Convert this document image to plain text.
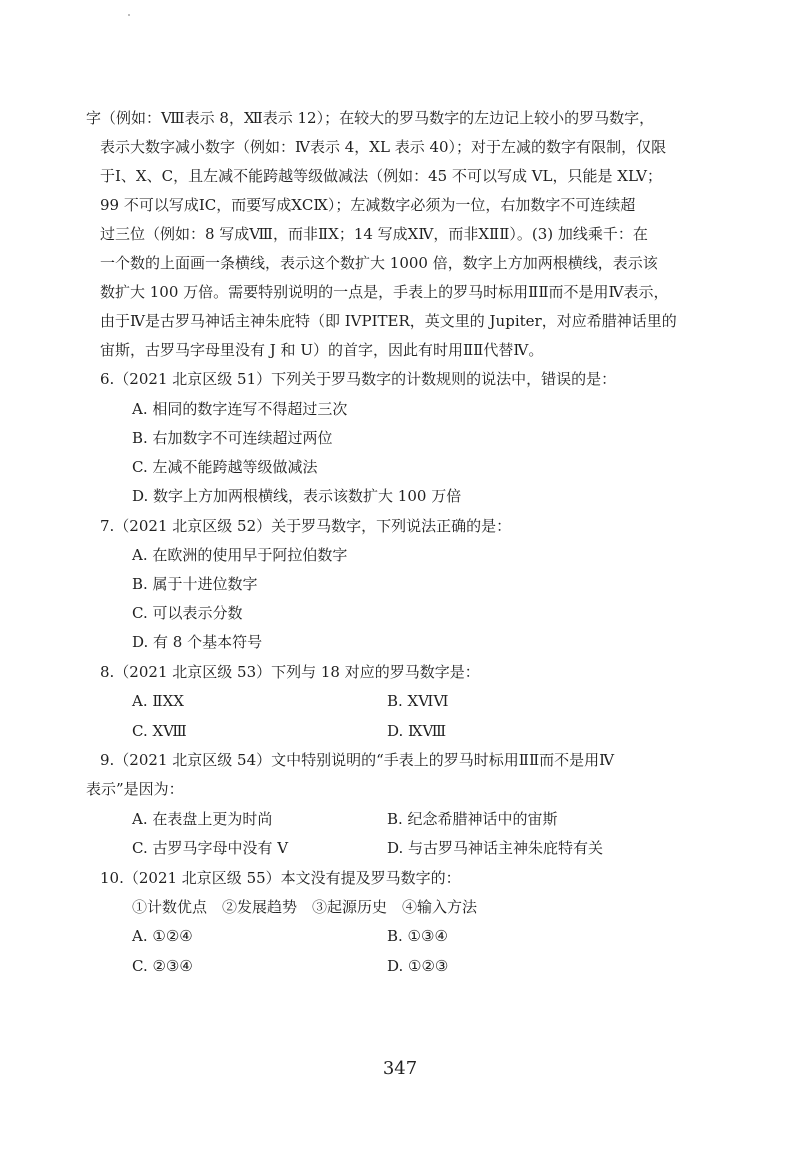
字（例如：Ⅷ表示 8，Ⅻ表示 12）；在较大的罗马数字的左边记上较小的罗马数字，
表示大数字减小数字（例如：Ⅳ表示 4，XL 表示 40）；对于左减的数字有限制，仅限
于Ⅰ、X、C，且左减不能跨越等级做减法（例如：45 不可以写成 VL，只能是 XLV；
99 不可以写成ⅠC，而要写成ⅩCⅨ）；左减数字必须为一位，右加数字不可连续超
过三位（例如：8 写成Ⅷ，而非ⅡX；14 写成ⅩⅣ，而非ⅩⅡⅡ）。(3) 加线乘千：在
一个数的上面画一条横线，表示这个数扩大 1000 倍，数字上方加两根横线，表示该
数扩大 100 万倍。需要特别说明的一点是，手表上的罗马时标用ⅡⅡ而不是用Ⅳ表示，
由于Ⅳ是古罗马神话主神朱庇特（即 IVPITER，英文里的 Jupiter，对应希腊神话里的
宙斯，古罗马字母里没有 J 和 U）的首字，因此有时用ⅡⅡ代替Ⅳ。
6.（2021 北京区级 51）下列关于罗马数字的计数规则的说法中，错误的是：
A. 相同的数字连写不得超过三次
B. 右加数字不可连续超过两位
C. 左减不能跨越等级做减法
D. 数字上方加两根横线，表示该数扩大 100 万倍
7.（2021 北京区级 52）关于罗马数字，下列说法正确的是：
A. 在欧洲的使用早于阿拉伯数字
B. 属于十进位数字
C. 可以表示分数
D. 有 8 个基本符号
8.（2021 北京区级 53）下列与 18 对应的罗马数字是：
A. ⅡXX	B. XⅥⅥ
C. XⅧ	D. ⅨⅧ
9.（2021 北京区级 54）文中特别说明的“手表上的罗马时标用ⅡⅡ而不是用Ⅳ
表示”是因为：
A. 在表盘上更为时尚	B. 纪念希腊神话中的宙斯
C. 古罗马字母中没有 V	D. 与古罗马神话主神朱庇特有关
10.（2021 北京区级 55）本文没有提及罗马数字的：
①计数优点　②发展趋势　③起源历史　④输入方法
A. ①②④	B. ①③④
C. ②③④	D. ①②③
347
